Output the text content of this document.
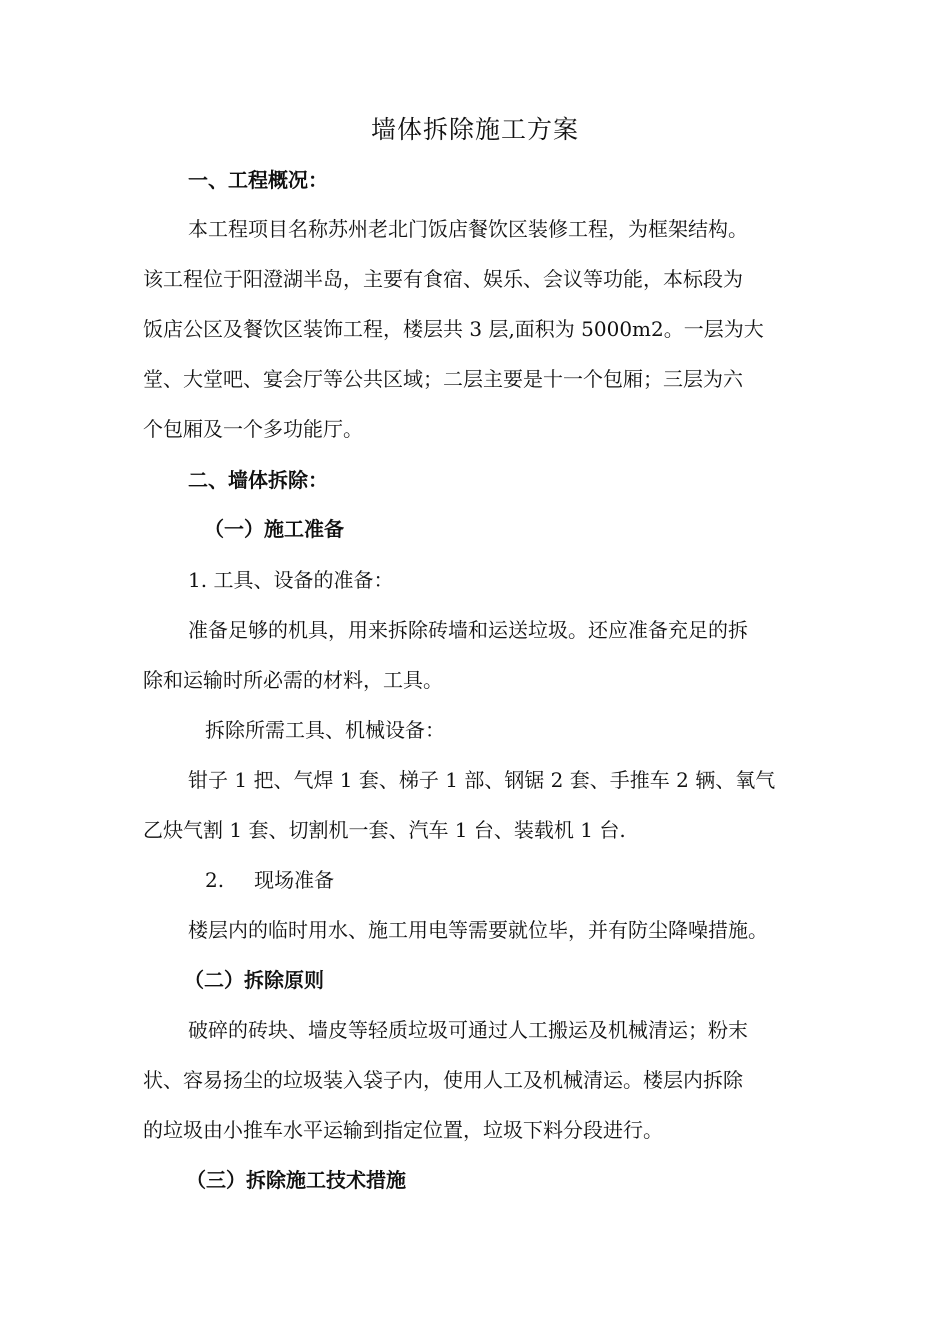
墙体拆除施工方案
一、工程概况：
本工程项目名称苏州老北门饭店餐饮区装修工程，为框架结构。
该工程位于阳澄湖半岛，主要有食宿、娱乐、会议等功能，本标段为
饭店公区及餐饮区装饰工程，楼层共 3 层,面积为 5000m2。一层为大
堂、大堂吧、宴会厅等公共区域；二层主要是十一个包厢；三层为六
个包厢及一个多功能厅。
二、墙体拆除：
（一）施工准备
1. 工具、设备的准备：
准备足够的机具，用来拆除砖墙和运送垃圾。还应准备充足的拆
除和运输时所必需的材料，工具。
拆除所需工具、机械设备：
钳子 1 把、气焊 1 套、梯子 1 部、钢锯 2 套、手推车 2 辆、氧气
乙炔气割 1 套、切割机一套、汽车 1 台、装载机 1 台.
2. 现场准备
楼层内的临时用水、施工用电等需要就位毕，并有防尘降噪措施。
（二）拆除原则
破碎的砖块、墙皮等轻质垃圾可通过人工搬运及机械清运；粉末
状、容易扬尘的垃圾装入袋子内，使用人工及机械清运。楼层内拆除
的垃圾由小推车水平运输到指定位置，垃圾下料分段进行。
（三）拆除施工技术措施
